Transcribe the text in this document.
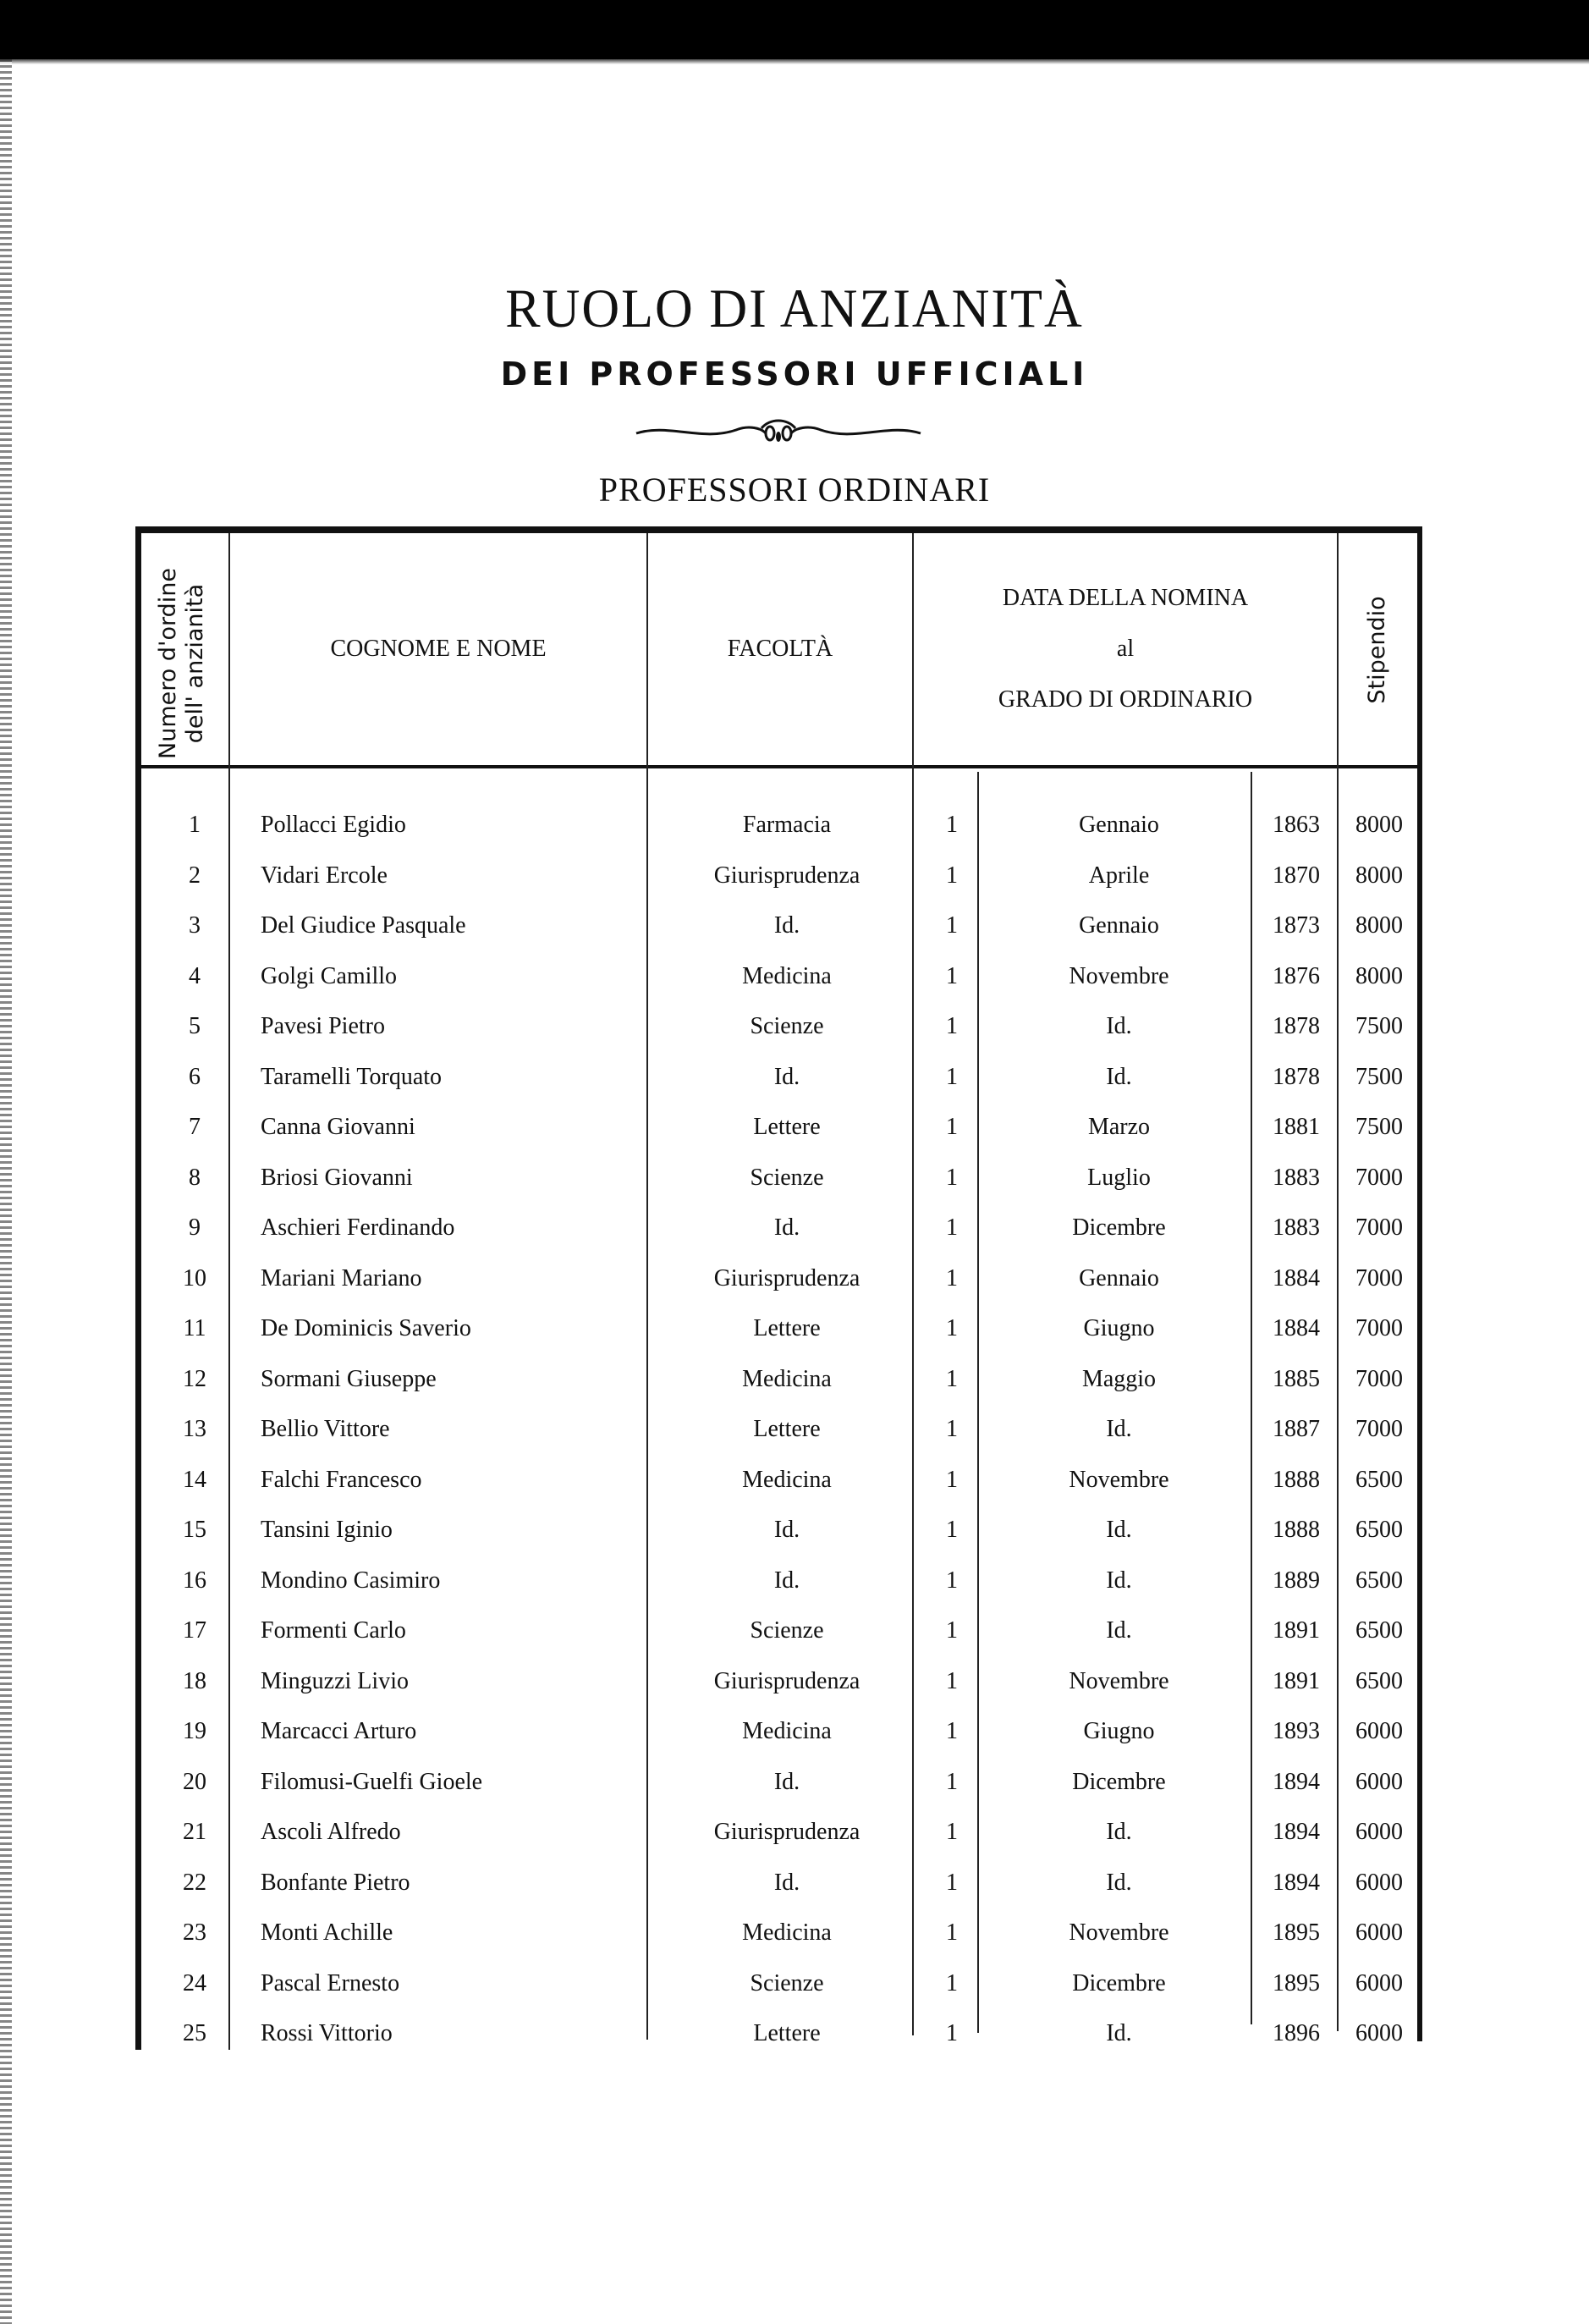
RUOLO DI ANZIANITÀ
DEI PROFESSORI UFFICIALI
PROFESSORI ORDINARI
Numero d'ordine dell' anzianità	COGNOME E NOME	FACOLTÀ
DATA DELLA NOMINA
al
GRADO DI ORDINARIO	Stipendio
1	Pollacci Egidio	Farmacia	1	Gennaio	1863	8000
2	Vidari Ercole	Giurisprudenza	1	Aprile	1870	8000
3	Del Giudice Pasquale	Id.	1	Gennaio	1873	8000
4	Golgi Camillo	Medicina	1	Novembre	1876	8000
5	Pavesi Pietro	Scienze	1	Id.	1878	7500
6	Taramelli Torquato	Id.	1	Id.	1878	7500
7	Canna Giovanni	Lettere	1	Marzo	1881	7500
8	Briosi Giovanni	Scienze	1	Luglio	1883	7000
9	Aschieri Ferdinando	Id.	1	Dicembre	1883	7000
10	Mariani Mariano	Giurisprudenza	1	Gennaio	1884	7000
11	De Dominicis Saverio	Lettere	1	Giugno	1884	7000
12	Sormani Giuseppe	Medicina	1	Maggio	1885	7000
13	Bellio Vittore	Lettere	1	Id.	1887	7000
14	Falchi Francesco	Medicina	1	Novembre	1888	6500
15	Tansini Iginio	Id.	1	Id.	1888	6500
16	Mondino Casimiro	Id.	1	Id.	1889	6500
17	Formenti Carlo	Scienze	1	Id.	1891	6500
18	Minguzzi Livio	Giurisprudenza	1	Novembre	1891	6500
19	Marcacci Arturo	Medicina	1	Giugno	1893	6000
20	Filomusi-Guelfi Gioele	Id.	1	Dicembre	1894	6000
21	Ascoli Alfredo	Giurisprudenza	1	Id.	1894	6000
22	Bonfante Pietro	Id.	1	Id.	1894	6000
23	Monti Achille	Medicina	1	Novembre	1895	6000
24	Pascal Ernesto	Scienze	1	Dicembre	1895	6000
25	Rossi Vittorio	Lettere	1	Id.	1896	6000
